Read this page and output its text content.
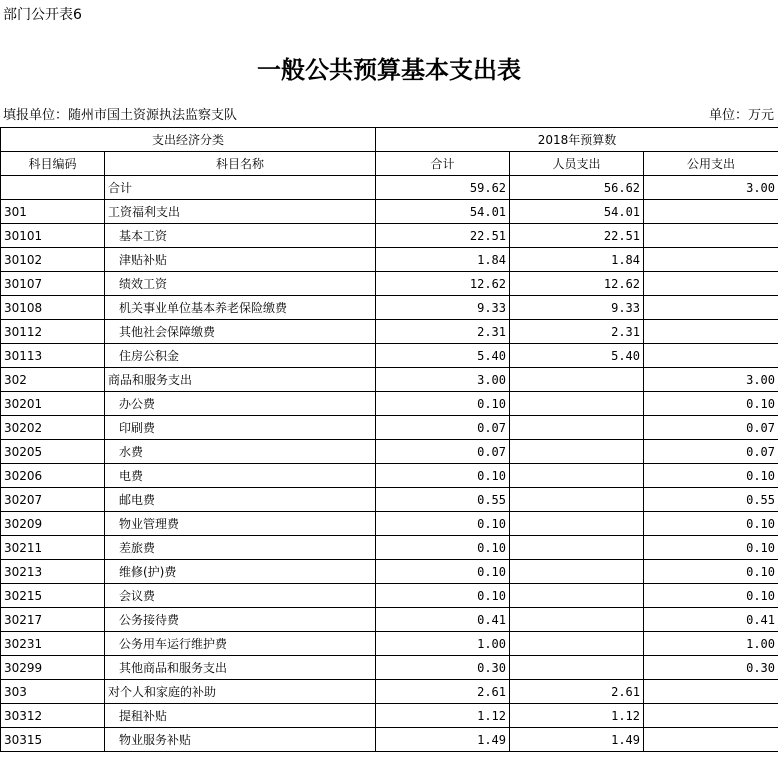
部门公开表6
一般公共预算基本支出表
填报单位：随州市国土资源执法监察支队	单位：万元
支出经济分类		2018年预算数		
科目编码	科目名称	合计	人员支出	公用支出
	合计	59.62	56.62	3.00
301	工资福利支出	54.01	54.01	
30101	基本工资	22.51	22.51	
30102	津贴补贴	1.84	1.84	
30107	绩效工资	12.62	12.62	
30108	机关事业单位基本养老保险缴费	9.33	9.33	
30112	其他社会保障缴费	2.31	2.31	
30113	住房公积金	5.40	5.40	
302	商品和服务支出	3.00		3.00
30201	办公费	0.10		0.10
30202	印刷费	0.07		0.07
30205	水费	0.07		0.07
30206	电费	0.10		0.10
30207	邮电费	0.55		0.55
30209	物业管理费	0.10		0.10
30211	差旅费	0.10		0.10
30213	维修(护)费	0.10		0.10
30215	会议费	0.10		0.10
30217	公务接待费	0.41		0.41
30231	公务用车运行维护费	1.00		1.00
30299	其他商品和服务支出	0.30		0.30
303	对个人和家庭的补助	2.61	2.61	
30312	提租补贴	1.12	1.12	
30315	物业服务补贴	1.49	1.49	
